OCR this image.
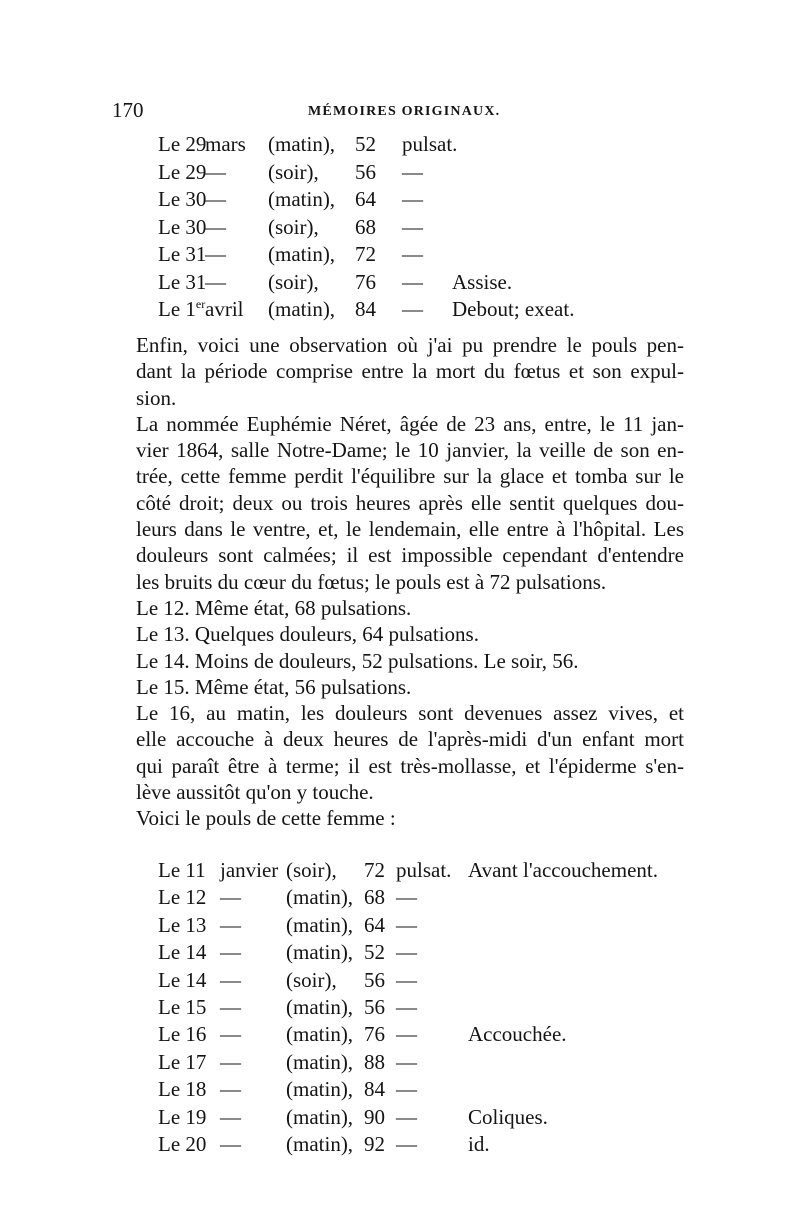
170	MÉMOIRES ORIGINAUX.
Le 29
mars (matin), 52 pulsat.
Le 29
— (soir), 56 —
Le 30
— (matin), 64 —
Le 30
— (soir), 68 —
Le 31
— (matin), 72 —
Le 31
— (soir), 76 — Assise.
Le 1er avril (matin), 84 — Debout; exeat.

Enfin, voici une observation où j'ai pu prendre le pouls pen-
dant la période comprise entre la mort du fœtus et son expul-
sion.

La nommée Euphémie Néret, âgée de 23 ans, entre, le 11 jan-
vier 1864, salle Notre-Dame; le 10 janvier, la veille de son en-
trée, cette femme perdit l'équilibre sur la glace et tomba sur le
côté droit; deux ou trois heures après elle sentit quelques dou-
leurs dans le ventre, et, le lendemain, elle entre à l'hôpital. Les
douleurs sont calmées; il est impossible cependant d'entendre
les bruits du cœur du fœtus; le pouls est à 72 pulsations.

Le 12. Même état, 68 pulsations.

Le 13. Quelques douleurs, 64 pulsations.

Le 14. Moins de douleurs, 52 pulsations. Le soir, 56.

Le 15. Même état, 56 pulsations.

Le 16, au matin, les douleurs sont devenues assez vives, et
elle accouche à deux heures de l'après-midi d'un enfant mort
qui paraît être à terme; il est très-mollasse, et l'épiderme s'en-
lève aussitôt qu'on y touche.

Voici le pouls de cette femme :

Le 11 janvier (soir), 72 pulsat. Avant l'accouchement.
Le 12 — (matin), 68 —
Le 13 — (matin), 64 —
Le 14 — (matin), 52 —
Le 14 — (soir), 56 —
Le 15 — (matin), 56 —
Le 16 — (matin), 76 — Accouchée.
Le 17 — (matin), 88 —
Le 18 — (matin), 84 —
Le 19 — (matin), 90 — Coliques.
Le 20 — (matin), 92 — id.
